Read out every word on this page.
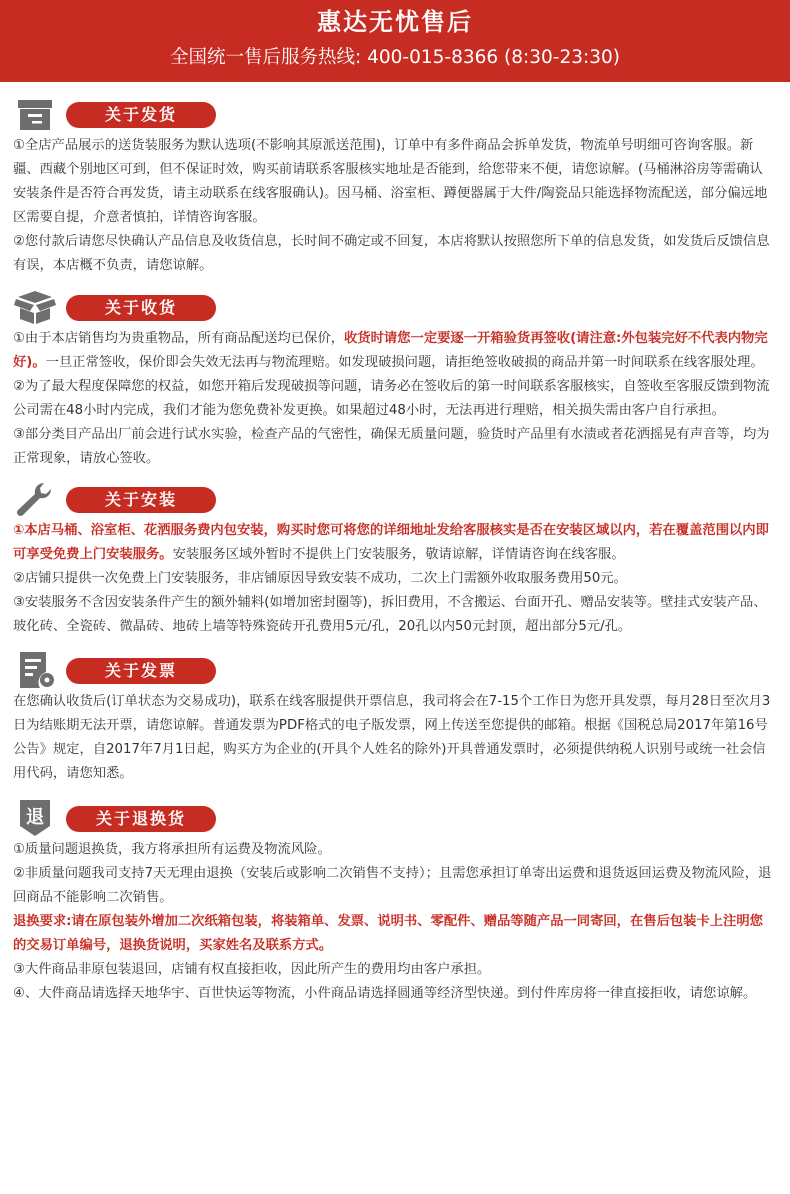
惠达无忧售后
全国统一售后服务热线: 400-015-8366 (8:30-23:30)
关于发货

①全店产品展示的送货装服务为默认选项(不影响其原派送范围)，订单中有多件商品会拆单发货，物流单号明细可咨询客服。新疆、西藏个别地区可到，但不保证时效，购买前请联系客服核实地址是否能到，给您带来不便，请您谅解。(马桶淋浴房等需确认安装条件是否符合再发货，请主动联系在线客服确认)。因马桶、浴室柜、蹲便器属于大件/陶瓷品只能选择物流配送，部分偏远地区需要自提，介意者慎拍，详情咨询客服。

②您付款后请您尽快确认产品信息及收货信息，长时间不确定或不回复，本店将默认按照您所下单的信息发货，如发货后反馈信息有误，本店概不负责，请您谅解。

关于收货

①由于本店销售均为贵重物品，所有商品配送均已保价，收货时请您一定要逐一开箱验货再签收(请注意:外包装完好不代表内物完好)。一旦正常签收，保价即会失效无法再与物流理赔。如发现破损问题，请拒绝签收破损的商品并第一时间联系在线客服处理。

②为了最大程度保障您的权益，如您开箱后发现破损等问题，请务必在签收后的第一时间联系客服核实，自签收至客服反馈到物流公司需在48小时内完成，我们才能为您免费补发更换。如果超过48小时，无法再进行理赔，相关损失需由客户自行承担。

③部分类目产品出厂前会进行试水实验，检查产品的气密性，确保无质量问题，验货时产品里有水渍或者花洒摇晃有声音等，均为正常现象，请放心签收。

关于安装

①本店马桶、浴室柜、花洒服务费内包安装，购买时您可将您的详细地址发给客服核实是否在安装区域以内，若在覆盖范围以内即可享受免费上门安装服务。安装服务区域外暂时不提供上门安装服务，敬请谅解，详情请咨询在线客服。

②店铺只提供一次免费上门安装服务，非店铺原因导致安装不成功，二次上门需额外收取服务费用50元。

③安装服务不含因安装条件产生的额外辅料(如增加密封圈等)，拆旧费用，不含搬运、台面开孔、赠品安装等。壁挂式安装产品、玻化砖、全瓷砖、微晶砖、地砖上墙等特殊瓷砖开孔费用5元/孔，20孔以内50元封顶，超出部分5元/孔。

关于发票

在您确认收货后(订单状态为交易成功)，联系在线客服提供开票信息，我司将会在7-15个工作日为您开具发票，每月28日至次月3日为结账期无法开票，请您谅解。普通发票为PDF格式的电子版发票，网上传送至您提供的邮箱。根据《国税总局2017年第16号公告》规定，自2017年7月1日起，购买方为企业的(开具个人姓名的除外)开具普通发票时，必须提供纳税人识别号或统一社会信用代码，请您知悉。

退	关于退换货

①质量问题退换货，我方将承担所有运费及物流风险。

②非质量问题我司支持7天无理由退换（安装后或影响二次销售不支持）；且需您承担订单寄出运费和退货返回运费及物流风险，退回商品不能影响二次销售。

退换要求:请在原包装外增加二次纸箱包装，将装箱单、发票、说明书、零配件、赠品等随产品一同寄回，在售后包装卡上注明您的交易订单编号，退换货说明，买家姓名及联系方式。

③大件商品非原包装退回，店铺有权直接拒收，因此所产生的费用均由客户承担。

④、大件商品请选择天地华宇、百世快运等物流，小件商品请选择圆通等经济型快递。到付件库房将一律直接拒收，请您谅解。
